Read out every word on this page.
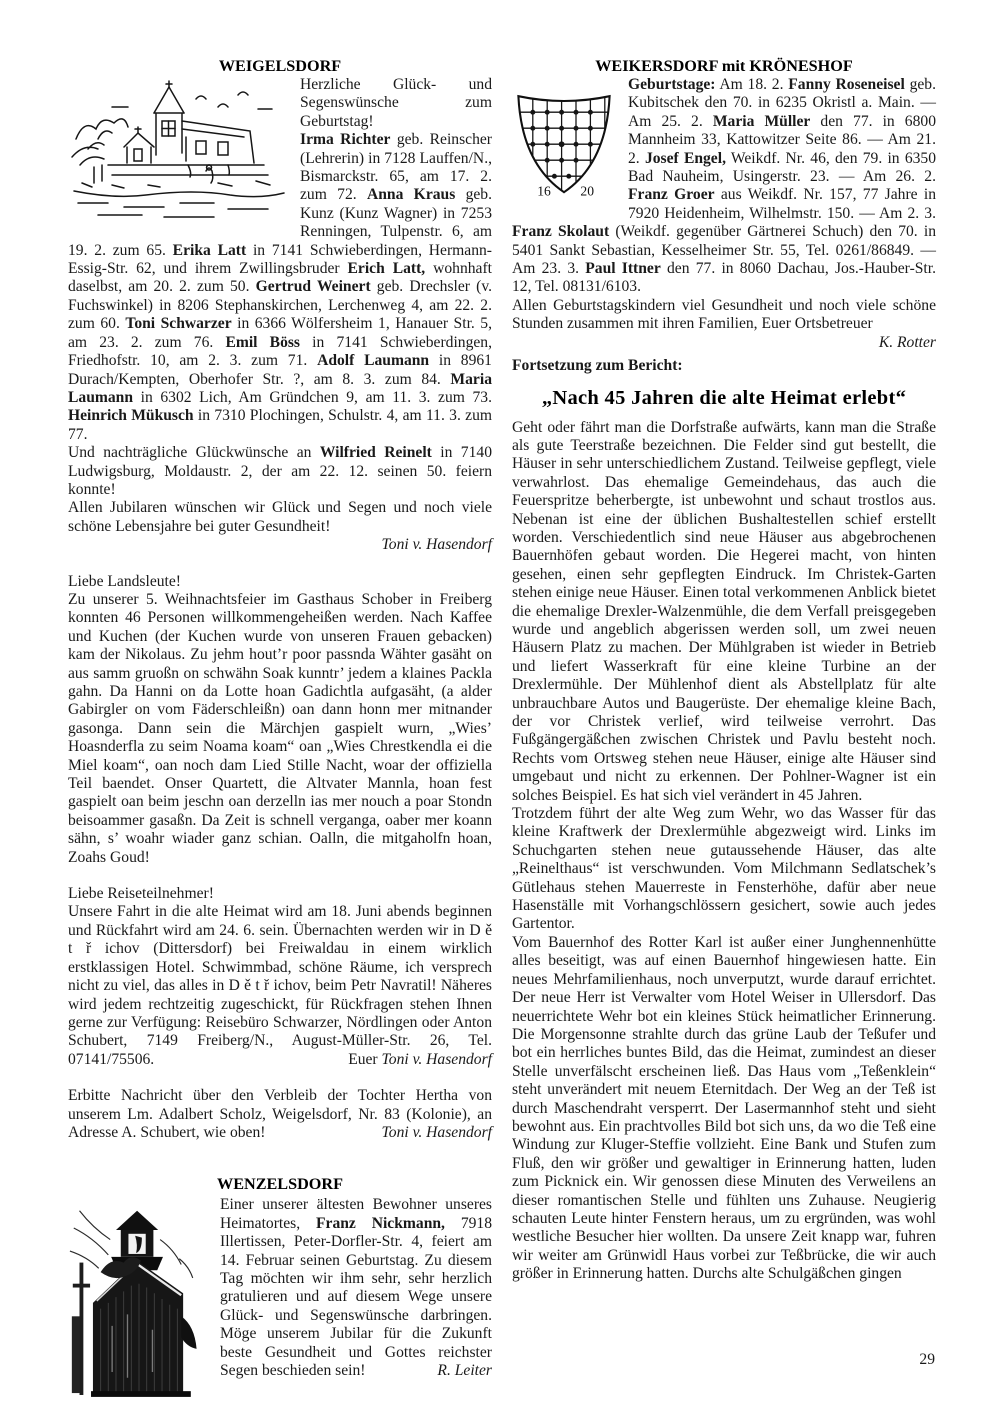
WEIGELSDORF

Herzliche Glück- und Segenswünsche zum Geburtstag!

Irma Richter geb. Reinscher (Lehrerin) in 7128 Lauffen/N., Bismarckstr. 65, am 17. 2. zum 72. Anna Kraus geb. Kunz (Kunz Wagner) in 7253 Renningen, Tulpenstr. 6, am 19. 2. zum 65. Erika Latt in 7141 Schwieberdingen, Hermann-Essig-Str. 62, und ihrem Zwillingsbruder Erich Latt, wohnhaft daselbst, am 20. 2. zum 50. Gertrud Weinert geb. Drechsler (v. Fuchswinkel) in 8206 Stephanskirchen, Lerchenweg 4, am 22. 2. zum 60. Toni Schwarzer in 6366 Wölfersheim 1, Hanauer Str. 5, am 23. 2. zum 76. Emil Böss in 7141 Schwieberdingen, Friedhofstr. 10, am 2. 3. zum 71. Adolf Laumann in 8961 Durach/Kempten, Oberhofer Str. ?, am 8. 3. zum 84. Maria Laumann in 6302 Lich, Am Gründchen 9, am 11. 3. zum 73. Heinrich Mükusch in 7310 Plochingen, Schulstr. 4, am 11. 3. zum 77.

Und nachträgliche Glückwünsche an Wilfried Reinelt in 7140 Ludwigsburg, Moldaustr. 2, der am 22. 12. seinen 50. feiern konnte!

Allen Jubilaren wünschen wir Glück und Segen und noch viele schöne Lebensjahre bei guter Gesundheit!

Toni v. Hasendorf

Liebe Landsleute!

Zu unserer 5. Weihnachtsfeier im Gasthaus Schober in Freiberg konnten 46 Personen willkommengeheißen werden. Nach Kaffee und Kuchen (der Kuchen wurde von unseren Frauen gebacken) kam der Nikolaus. Zu jehm hout’r poor passnda Wähter gasäht on aus samm gruoßn on schwähn Soak kunntr’ jedem a klaines Packla gahn. Da Hanni on da Lotte hoan Gadichtla aufgasäht, (a alder Gabirgler on vom Fäderschleißn) oan dann honn mer mitnander gasonga. Dann sein die Märchjen gaspielt wurn, „Wies’ Hoasnderfla zu seim Noama koam“ oan „Wies Chrestkendla ei die Miel koam“, oan noch dam Lied Stille Nacht, woar der offiziella Teil baendet. Onser Quartett, die Altvater Mannla, hoan fest gaspielt oan beim jeschn oan derzelln ias mer nouch a poar Stondn beisoammer gasaßn. Da Zeit is schnell verganga, oaber mer koann sähn, s’ woahr wiader ganz schian. Oalln, die mitgaholfn hoan, Zoahs Goud!

Liebe Reiseteilnehmer!

Unsere Fahrt in die alte Heimat wird am 18. Juni abends beginnen und Rückfahrt wird am 24. 6. sein. Übernachten werden wir in D ě t ř ichov (Dittersdorf) bei Freiwaldau in einem wirklich erstklassigen Hotel. Schwimmbad, schöne Räume, ich versprech nicht zu viel, das alles in D ě t ř ichov, beim Petr Navratil! Näheres wird jedem rechtzeitig zugeschickt, für Rückfragen stehen Ihnen gerne zur Verfügung: Reisebüro Schwarzer, Nördlingen oder Anton Schubert, 7149 Freiberg/N., August-Müller-Str. 26, Tel. 07141/75506.	Euer Toni v. Hasendorf

Erbitte Nachricht über den Verbleib der Tochter Hertha von unserem Lm. Adalbert Scholz, Weigelsdorf, Nr. 83 (Kolonie), an Adresse A. Schubert, wie oben!	Toni v. Hasendorf

WENZELSDORF

Einer unserer ältesten Bewohner unseres Heimatortes, Franz Nickmann, 7918 Illertissen, Peter-Dorfler-Str. 4, feiert am 14. Februar seinen Geburtstag. Zu diesem Tag möchten wir ihm sehr, sehr herzlich gratulieren und auf diesem Wege unsere Glück- und Segenswünsche darbringen. Möge unserem Jubilar für die Zukunft beste Gesundheit und Gottes reichster Segen beschieden sein!	R. Leiter

WEIKERSDORF mit KRÖNESHOF
16 20

Geburtstage: Am 18. 2. Fanny Roseneisel geb. Kubitschek den 70. in 6235 Okristl a. Main. — Am 25. 2. Maria Müller den 77. in 6800 Mannheim 33, Kattowitzer Seite 86. — Am 21. 2. Josef Engel, Weikdf. Nr. 46, den 79. in 6350 Bad Nauheim, Usingerstr. 23. — Am 26. 2. Franz Groer aus Weikdf. Nr. 157, 77 Jahre in 7920 Heidenheim, Wilhelmstr. 150. — Am 2. 3. Franz Skolaut (Weikdf. gegenüber Gärtnerei Schuch) den 70. in 5401 Sankt Sebastian, Kesselheimer Str. 55, Tel. 0261/86849. — Am 23. 3. Paul Ittner den 77. in 8060 Dachau, Jos.-Hauber-Str. 12, Tel. 08131/6103.

Allen Geburtstagskindern viel Gesundheit und noch viele schöne Stunden zusammen mit ihren Familien, Euer Ortsbetreuer

K. Rotter
Fortsetzung zum Bericht:
„Nach 45 Jahren die alte Heimat erlebt“

Geht oder fährt man die Dorfstraße aufwärts, kann man die Straße als gute Teerstraße bezeichnen. Die Felder sind gut bestellt, die Häuser in sehr unterschiedlichem Zustand. Teilweise gepflegt, viele verwahrlost. Das ehemalige Gemeindehaus, das auch die Feuerspritze beherbergte, ist unbewohnt und schaut trostlos aus. Nebenan ist eine der üblichen Bushaltestellen schief erstellt worden. Verschiedentlich sind neue Häuser aus abgebrochenen Bauernhöfen gebaut worden. Die Hegerei macht, von hinten gesehen, einen sehr gepflegten Eindruck. Im Christek-Garten stehen einige neue Häuser. Einen total verkommenen Anblick bietet die ehemalige Drexler-Walzenmühle, die dem Verfall preisgegeben wurde und angeblich abgerissen werden soll, um zwei neuen Häusern Platz zu machen. Der Mühlgraben ist wieder in Betrieb und liefert Wasserkraft für eine kleine Turbine an der Drexlermühle. Der Mühlenhof dient als Abstellplatz für alte unbrauchbare Autos und Baugerüste. Der ehemalige kleine Bach, der vor Christek verlief, wird teilweise verrohrt. Das Fußgängergäßchen zwischen Christek und Pavlu besteht noch. Rechts vom Ortsweg stehen neue Häuser, einige alte Häuser sind umgebaut und nicht zu erkennen. Der Pohlner-Wagner ist ein solches Beispiel. Es hat sich viel verändert in 45 Jahren.

Trotzdem führt der alte Weg zum Wehr, wo das Wasser für das kleine Kraftwerk der Drexlermühle abgezweigt wird. Links im Schuchgarten stehen neue gutaussehende Häuser, das alte „Reinelthaus“ ist verschwunden. Vom Milchmann Sedlatschek’s Gütlehaus stehen Mauerreste in Fensterhöhe, dafür aber neue Hasenställe mit Vorhangschlössern gesichert, sowie auch jedes Gartentor.

Vom Bauernhof des Rotter Karl ist außer einer Junghennenhütte alles beseitigt, was auf einen Bauernhof hingewiesen hatte. Ein neues Mehrfamilienhaus, noch unverputzt, wurde darauf errichtet. Der neue Herr ist Verwalter vom Hotel Weiser in Ullersdorf. Das neuerrichtete Wehr bot ein kleines Stück heimatlicher Erinnerung. Die Morgensonne strahlte durch das grüne Laub der Teßufer und bot ein herrliches buntes Bild, das die Heimat, zumindest an dieser Stelle unverfälscht erscheinen ließ. Das Haus vom „Teßenklein“ steht unverändert mit neuem Eternitdach. Der Weg an der Teß ist durch Maschendraht versperrt. Der Lasermannhof steht und sieht bewohnt aus. Ein prachtvolles Bild bot sich uns, da wo die Teß eine Windung zur Kluger-Steffie vollzieht. Eine Bank und Stufen zum Fluß, den wir größer und gewaltiger in Erinnerung hatten, luden zum Picknick ein. Wir genossen diese Minuten des Verweilens an dieser romantischen Stelle und fühlten uns Zuhause. Neugierig schauten Leute hinter Fenstern heraus, um zu ergründen, was wohl westliche Besucher hier wollten. Da unsere Zeit knapp war, fuhren wir weiter am Grünwidl Haus vorbei zur Teßbrücke, die wir auch größer in Erinnerung hatten. Durchs alte Schulgäßchen gingen

29
